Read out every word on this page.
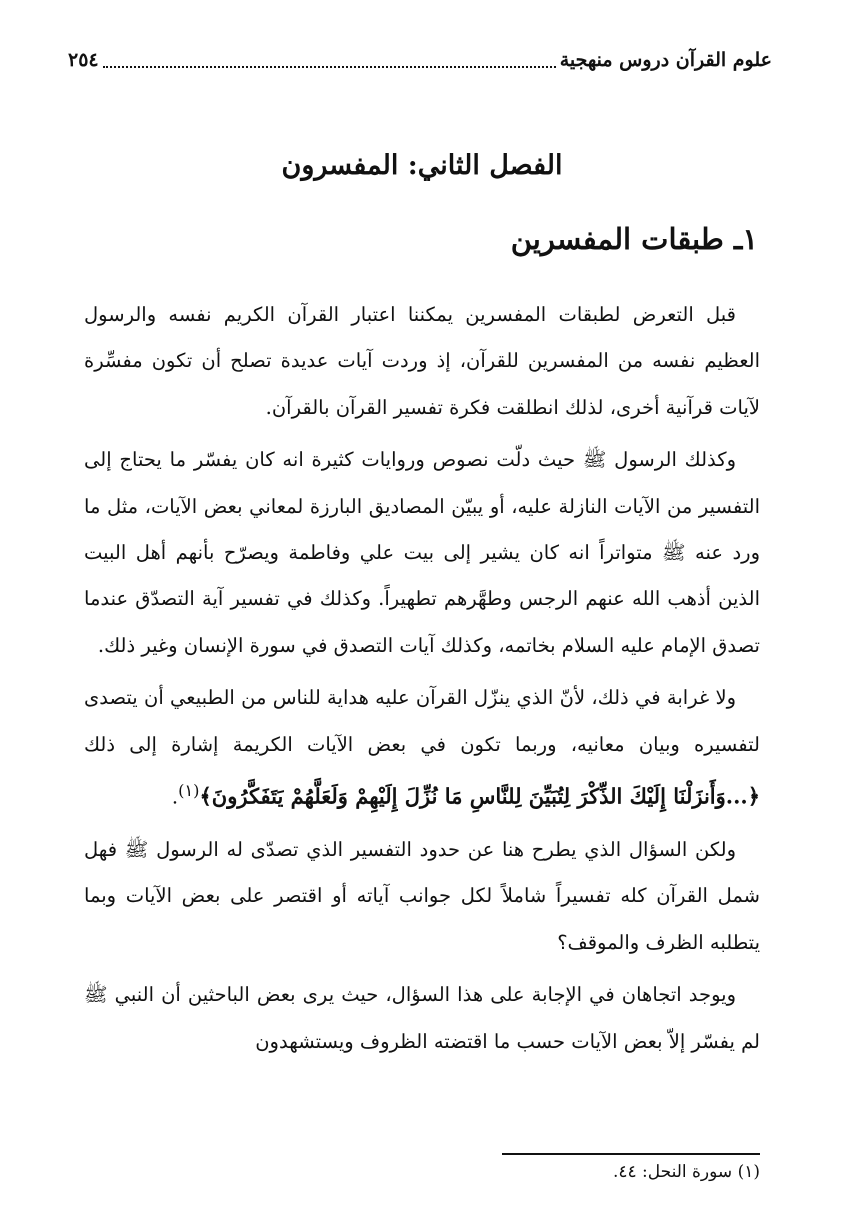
علوم القرآن دروس منهجية
٢٥٤
الفصل الثاني: المفسرون
١ـ طبقات المفسرين

قبل التعرض لطبقات المفسرين يمكننا اعتبار القرآن الكريم نفسه والرسول العظيم نفسه من المفسرين للقرآن، إذ وردت آيات عديدة تصلح أن تكون مفسِّرة لآيات قرآنية أخرى، لذلك انطلقت فكرة تفسير القرآن بالقرآن.

وكذلك الرسول ﷺ حيث دلّت نصوص وروايات كثيرة انه كان يفسّر ما يحتاج إلى التفسير من الآيات النازلة عليه، أو يبيّن المصاديق البارزة لمعاني بعض الآيات، مثل ما ورد عنه ﷺ متواتراً انه كان يشير إلى بيت علي وفاطمة ويصرّح بأنهم أهل البيت الذين أذهب الله عنهم الرجس وطهَّرهم تطهيراً. وكذلك في تفسير آية التصدّق عندما تصدق الإمام عليه السلام بخاتمه، وكذلك آيات التصدق في سورة الإنسان وغير ذلك.

ولا غرابة في ذلك، لأنّ الذي ينزّل القرآن عليه هداية للناس من الطبيعي أن يتصدى لتفسيره وبيان معانيه، وربما تكون في بعض الآيات الكريمة إشارة إلى ذلك ﴿...وَأَنزَلْنَا إِلَيْكَ الذِّكْرَ لِتُبَيِّنَ لِلنَّاسِ مَا نُزِّلَ إِلَيْهِمْ وَلَعَلَّهُمْ يَتَفَكَّرُونَ﴾$^{(١)}$.

ولكن السؤال الذي يطرح هنا عن حدود التفسير الذي تصدّى له الرسول ﷺ فهل شمل القرآن كله تفسيراً شاملاً لكل جوانب آياته أو اقتصر على بعض الآيات وبما يتطلبه الظرف والموقف؟

ويوجد اتجاهان في الإجابة على هذا السؤال، حيث يرى بعض الباحثين أن النبي ﷺ لم يفسّر إلاّ بعض الآيات حسب ما اقتضته الظروف ويستشهدون

(١) سورة النحل: ٤٤.
